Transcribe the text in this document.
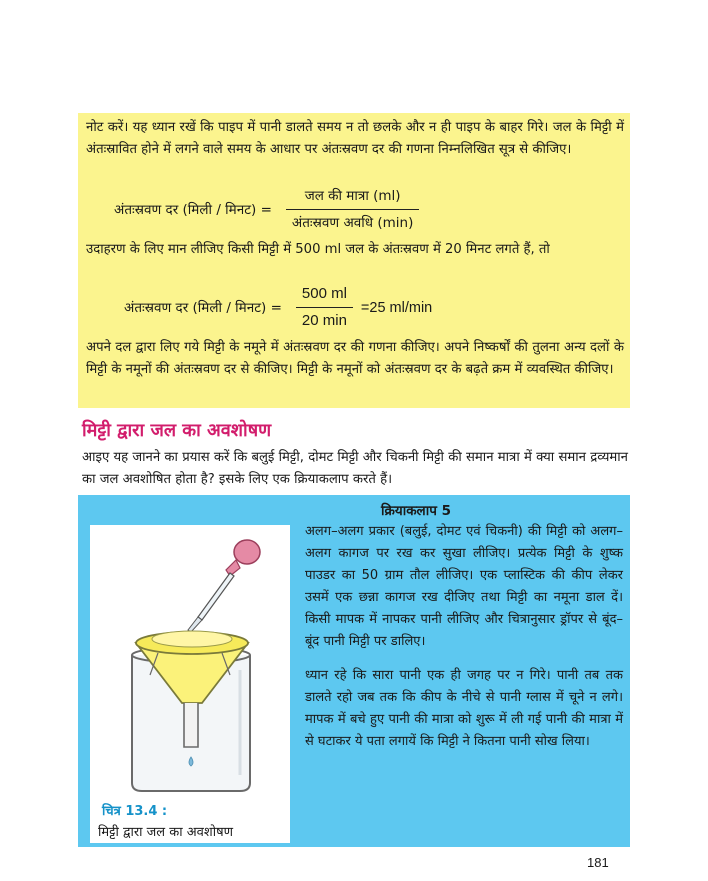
नोट करें। यह ध्यान रखें कि पाइप में पानी डालते समय न तो छलके और न ही पाइप के बाहर गिरे। जल के मिट्टी में अंतःस्रावित होने में लगने वाले समय के आधार पर अंतःस्रवण दर की गणना निम्नलिखित सूत्र से कीजिए।

अंतःस्रवण दर (मिली / मिनट) = $\frac{\text{जल की मात्रा (ml)}}{\text{अंतःस्रवण अवधि (min)}}$

उदाहरण के लिए मान लीजिए किसी मिट्टी में 500 ml जल के अंतःस्रवण में 20 मिनट लगते हैं, तो

अंतःस्रवण दर (मिली / मिनट) = $\frac{500 ml}{20 \min} =25$ ml/min

अपने दल द्वारा लिए गये मिट्टी के नमूने में अंतःस्रवण दर की गणना कीजिए। अपने निष्कर्षों की तुलना अन्य दलों के मिट्टी के नमूनों की अंतःस्रवण दर से कीजिए। मिट्टी के नमूनों को अंतःस्रवण दर के बढ़ते क्रम में व्यवस्थित कीजिए।

मिट्टी द्वारा जल का अवशोषण

आइए यह जानने का प्रयास करें कि बलुई मिट्टी, दोमट मिट्टी और चिकनी मिट्टी की समान मात्रा में क्या समान द्रव्यमान का जल अवशोषित होता है? इसके लिए एक क्रियाकलाप करते हैं।

क्रियाकलाप 5
चित्र 13.4 :
मिट्टी द्वारा जल का अवशोषण

अलग–अलग प्रकार (बलुई, दोमट एवं चिकनी) की मिट्टी को अलग–अलग कागज पर रख कर सुखा लीजिए। प्रत्येक मिट्टी के शुष्क पाउडर का 50 ग्राम तौल लीजिए। एक प्लास्टिक की कीप लेकर उसमें एक छन्ना कागज रख दीजिए तथा मिट्टी का नमूना डाल दें। किसी मापक में नापकर पानी लीजिए और चित्रानुसार ड्रॉपर से बूंद–बूंद पानी मिट्टी पर डालिए।

ध्यान रहे कि सारा पानी एक ही जगह पर न गिरे। पानी तब तक डालते रहो जब तक कि कीप के नीचे से पानी ग्लास में चूने न लगे। मापक में बचे हुए पानी की मात्रा को शुरू में ली गई पानी की मात्रा में से घटाकर ये पता लगायें कि मिट्टी ने कितना पानी सोख लिया।

181
